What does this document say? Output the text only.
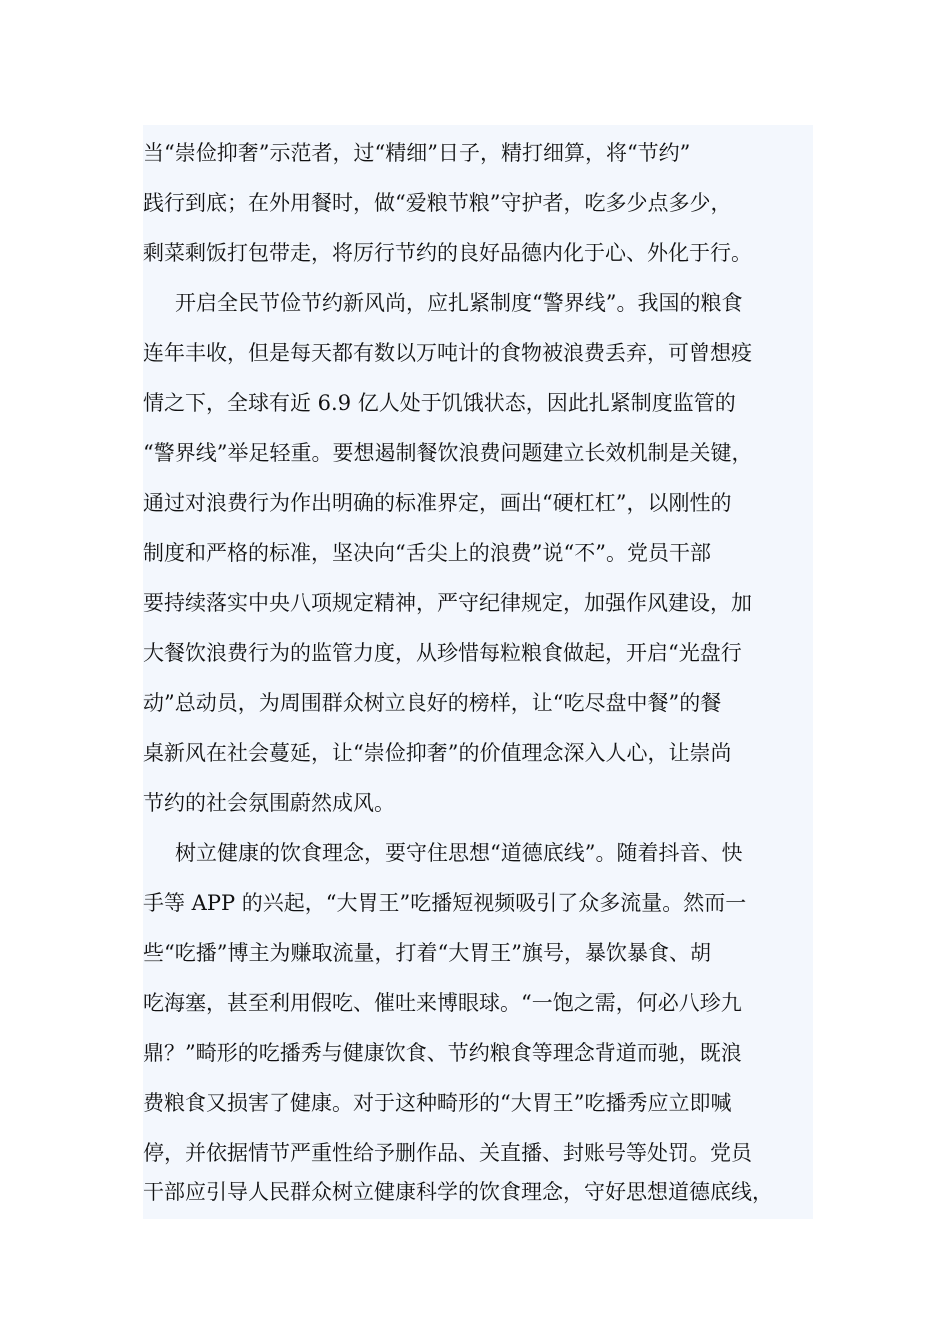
当“崇俭抑奢”示范者，过“精细”日子，精打细算，将“节约”
践行到底；在外用餐时，做“爱粮节粮”守护者，吃多少点多少，
剩菜剩饭打包带走，将厉行节约的良好品德内化于心、外化于行。
开启全民节俭节约新风尚，应扎紧制度“警界线”。我国的粮食
连年丰收，但是每天都有数以万吨计的食物被浪费丢弃，可曾想疫
情之下，全球有近 6.9 亿人处于饥饿状态，因此扎紧制度监管的
“警界线”举足轻重。要想遏制餐饮浪费问题建立长效机制是关键，
通过对浪费行为作出明确的标准界定，画出“硬杠杠”，以刚性的
制度和严格的标准，坚决向“舌尖上的浪费”说“不”。党员干部
要持续落实中央八项规定精神，严守纪律规定，加强作风建设，加
大餐饮浪费行为的监管力度，从珍惜每粒粮食做起，开启“光盘行
动”总动员，为周围群众树立良好的榜样，让“吃尽盘中餐”的餐
桌新风在社会蔓延，让“崇俭抑奢”的价值理念深入人心，让崇尚
节约的社会氛围蔚然成风。
树立健康的饮食理念，要守住思想“道德底线”。随着抖音、快
手等 APP 的兴起，“大胃王”吃播短视频吸引了众多流量。然而一
些“吃播”博主为赚取流量，打着“大胃王”旗号，暴饮暴食、胡
吃海塞，甚至利用假吃、催吐来博眼球。“一饱之需，何必八珍九
鼎？”畸形的吃播秀与健康饮食、节约粮食等理念背道而驰，既浪
费粮食又损害了健康。对于这种畸形的“大胃王”吃播秀应立即喊
停，并依据情节严重性给予删作品、关直播、封账号等处罚。党员
干部应引导人民群众树立健康科学的饮食理念，守好思想道德底线，
